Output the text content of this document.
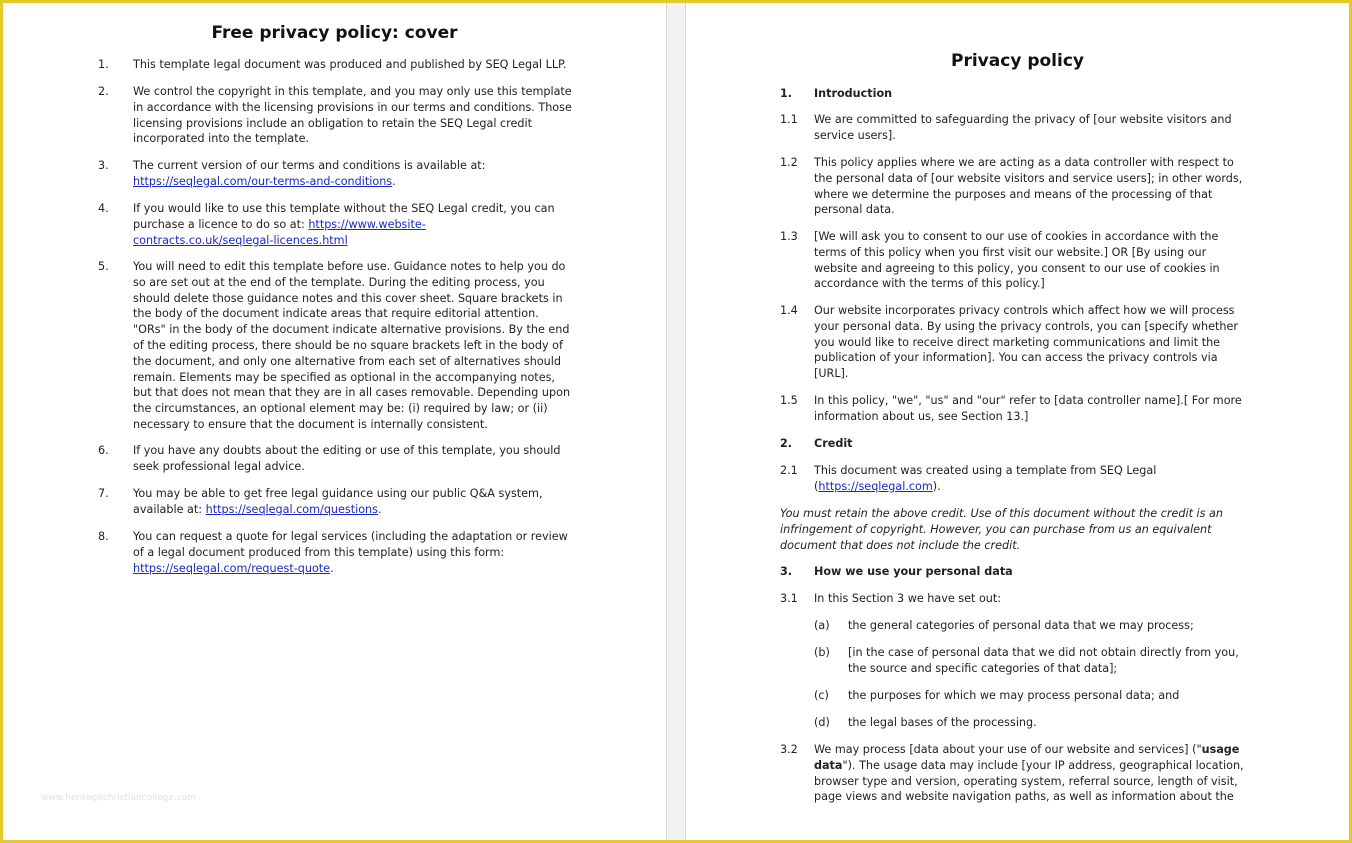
Free privacy policy: cover
1. This template legal document was produced and published by SEQ Legal LLP.
2. We control the copyright in this template, and you may only use this template
in accordance with the licensing provisions in our terms and conditions. Those
licensing provisions include an obligation to retain the SEQ Legal credit
incorporated into the template.
3. The current version of our terms and conditions is available at:
https://seqlegal.com/our-terms-and-conditions.
4. If you would like to use this template without the SEQ Legal credit, you can
purchase a licence to do so at: https://www.website-
contracts.co.uk/seqlegal-licences.html
5. You will need to edit this template before use. Guidance notes to help you do
so are set out at the end of the template. During the editing process, you
should delete those guidance notes and this cover sheet. Square brackets in
the body of the document indicate areas that require editorial attention.
"ORs" in the body of the document indicate alternative provisions. By the end
of the editing process, there should be no square brackets left in the body of
the document, and only one alternative from each set of alternatives should
remain. Elements may be specified as optional in the accompanying notes,
but that does not mean that they are in all cases removable. Depending upon
the circumstances, an optional element may be: (i) required by law; or (ii)
necessary to ensure that the document is internally consistent.
6. If you have any doubts about the editing or use of this template, you should
seek professional legal advice.
7. You may be able to get free legal guidance using our public Q&A system,
available at: https://seqlegal.com/questions.
8. You can request a quote for legal services (including the adaptation or review
of a legal document produced from this template) using this form:
https://seqlegal.com/request-quote.
www.heritagechristiancollege.com
Privacy policy
1. Introduction
1.1 We are committed to safeguarding the privacy of [our website visitors and
service users].
1.2 This policy applies where we are acting as a data controller with respect to
the personal data of [our website visitors and service users]; in other words,
where we determine the purposes and means of the processing of that
personal data.
1.3 [We will ask you to consent to our use of cookies in accordance with the
terms of this policy when you first visit our website.] OR [By using our
website and agreeing to this policy, you consent to our use of cookies in
accordance with the terms of this policy.]
1.4 Our website incorporates privacy controls which affect how we will process
your personal data. By using the privacy controls, you can [specify whether
you would like to receive direct marketing communications and limit the
publication of your information]. You can access the privacy controls via
[URL].
1.5 In this policy, "we", "us" and "our" refer to [data controller name].[ For more
information about us, see Section 13.]
2. Credit
2.1 This document was created using a template from SEQ Legal
(https://seqlegal.com).
You must retain the above credit. Use of this document without the credit is an
infringement of copyright. However, you can purchase from us an equivalent
document that does not include the credit.
3. How we use your personal data
3.1 In this Section 3 we have set out:
(a) the general categories of personal data that we may process;
(b) [in the case of personal data that we did not obtain directly from you,
the source and specific categories of that data];
(c) the purposes for which we may process personal data; and
(d) the legal bases of the processing.
3.2 We may process [data about your use of our website and services] ("usage
data"). The usage data may include [your IP address, geographical location,
browser type and version, operating system, referral source, length of visit,
page views and website navigation paths, as well as information about the
